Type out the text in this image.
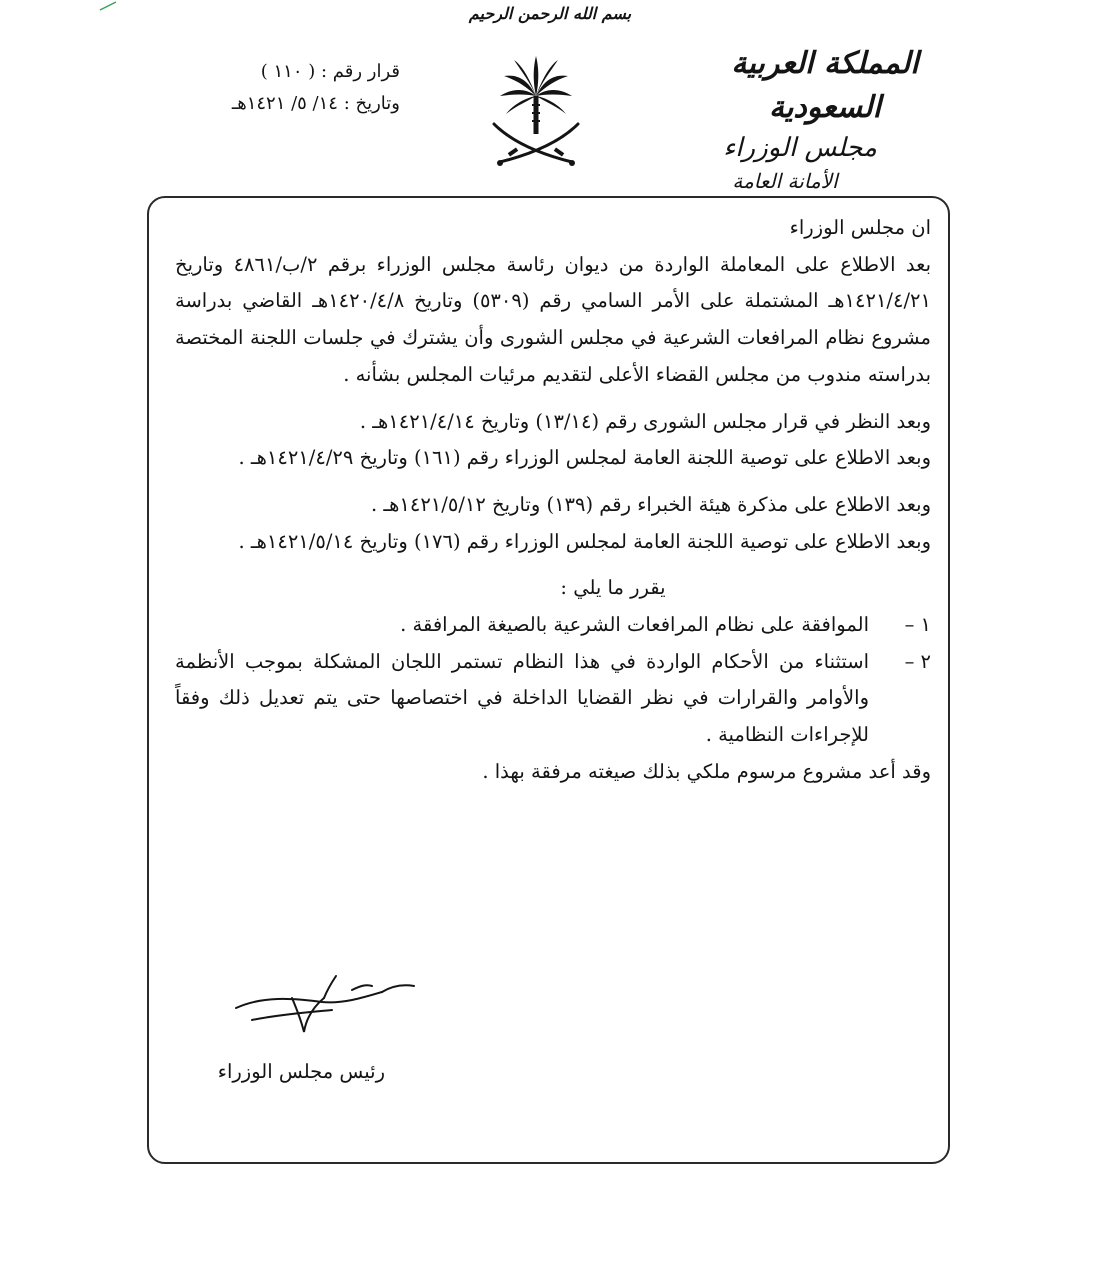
بسم الله الرحمن الرحيم
قرار رقم : ( ١١٠ )
وتاريخ : ١٤/ ٥/ ١٤٢١هـ
المملكة العربية السعودية
مجلس الوزراء
الأمانة العامة

ان مجلس الوزراء

بعد الاطلاع على المعاملة الواردة من ديوان رئاسة مجلس الوزراء برقم ٢/ب/٤٨٦١ وتاريخ ١٤٢١/٤/٢١هـ المشتملة على الأمر السامي رقم (٥٣٠٩) وتاريخ ١٤٢٠/٤/٨هـ القاضي بدراسة مشروع نظام المرافعات الشرعية في مجلس الشورى وأن يشترك في جلسات اللجنة المختصة بدراسته مندوب من مجلس القضاء الأعلى لتقديم مرئيات المجلس بشأنه .

وبعد النظر في قرار مجلس الشورى رقم (١٣/١٤) وتاريخ ١٤٢١/٤/١٤هـ .

وبعد الاطلاع على توصية اللجنة العامة لمجلس الوزراء رقم (١٦١) وتاريخ ١٤٢١/٤/٢٩هـ .

وبعد الاطلاع على مذكرة هيئة الخبراء رقم (١٣٩) وتاريخ ١٤٢١/٥/١٢هـ .

وبعد الاطلاع على توصية اللجنة العامة لمجلس الوزراء رقم (١٧٦) وتاريخ ١٤٢١/٥/١٤هـ .

يقرر ما يلي :

١ –
الموافقة على نظام المرافعات الشرعية بالصيغة المرافقة .
٢ –
استثناء من الأحكام الواردة في هذا النظام تستمر اللجان المشكلة بموجب الأنظمة والأوامر والقرارات في نظر القضايا الداخلة في اختصاصها حتى يتم تعديل ذلك وفقاً للإجراءات النظامية .

وقد أعد مشروع مرسوم ملكي بذلك صيغته مرفقة بهذا .

رئيس مجلس الوزراء
